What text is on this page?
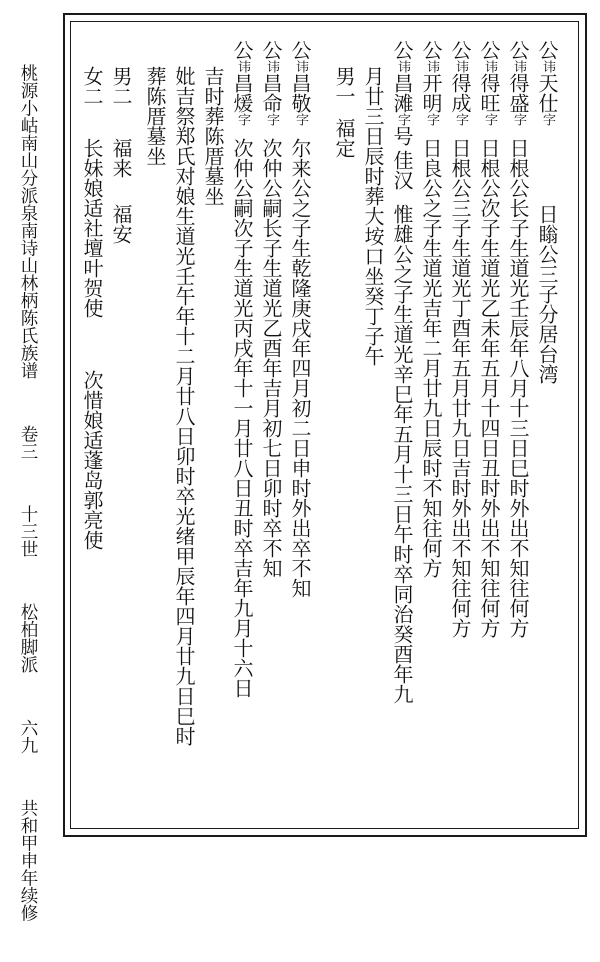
桃源小岵南山分派泉南诗山林柄陈氏族谱 卷三 十三世 松柏脚派 六九 共和甲申年续修
公讳天仕字日瞈公三子分居台湾
公讳得盛字日根公长子生道光壬辰年八月十三日巳时外出不知往何方
公讳得旺字日根公次子生道光乙未年五月十四日丑时外出不知往何方
公讳得成字日根公三子生道光丁酉年五月廿九日吉时外出不知往何方
公讳开明字日良公之子生道光吉年二月廿九日辰时不知往何方
公讳昌滩字号佳汉惟雄公之子生道光辛巳年五月十三日午时卒同治癸酉年九
月廿三日辰时葬大垵口坐癸丁子午
男一福定
公讳昌敬字尔来公之子生乾隆庚戌年四月初二日申时外出卒不知
公讳昌命字次仲公嗣长子生道光乙酉年吉月初七日卯时卒不知
公讳昌煖字次仲公嗣次子生道光丙戌年十一月廿八日丑时卒吉年九月十六日
吉时葬陈厝墓坐
妣吉祭郑氏对娘生道光壬午年十二月廿八日卯时卒光绪甲辰年四月廿九日巳时
葬陈厝墓坐
男二福来福安
女二长妹娘适社壇叶贺使次惜娘适蓬岛郭亮使
